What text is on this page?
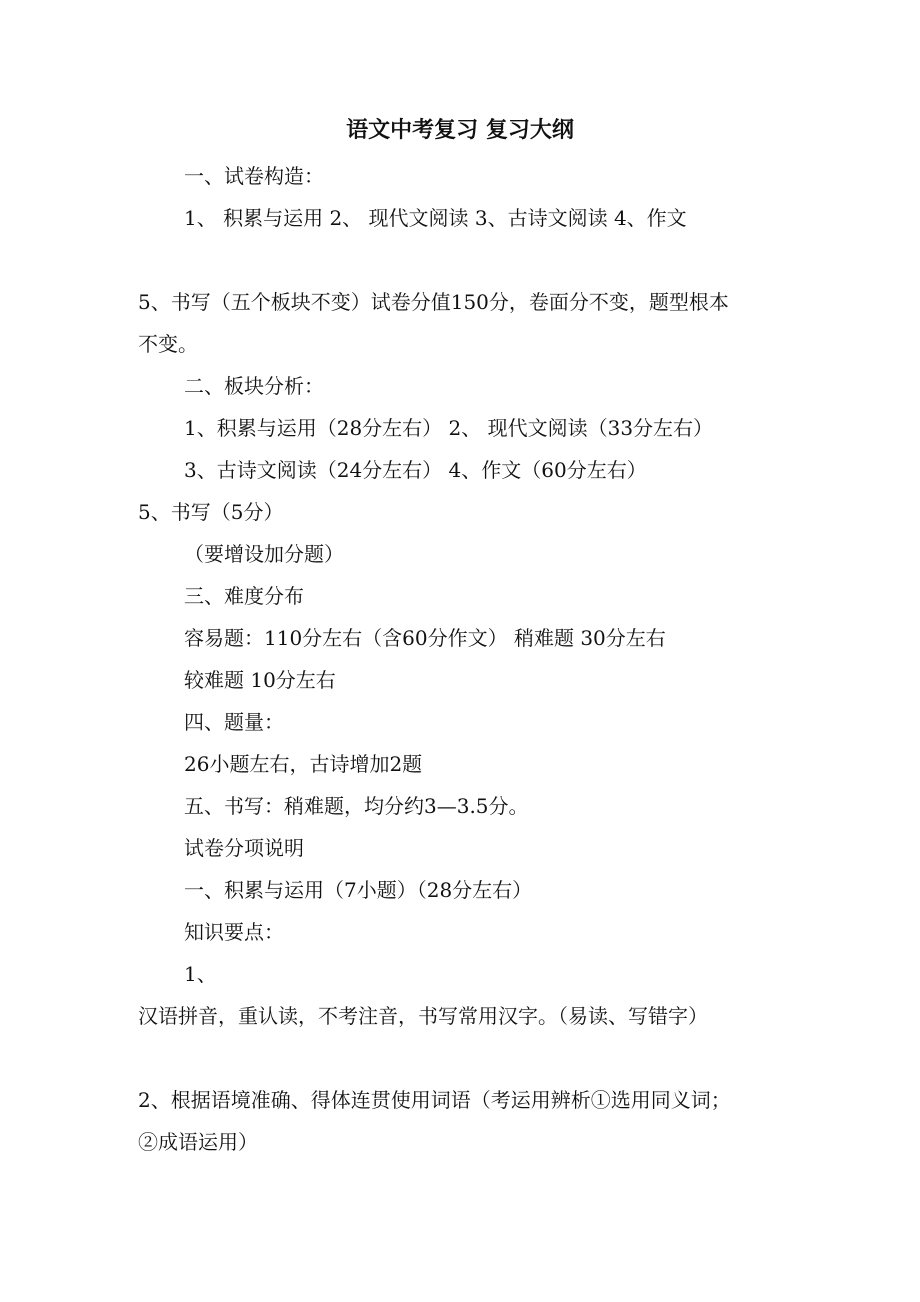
语文中考复习 复习大纲
一、试卷构造：
1、 积累与运用 2、 现代文阅读 3、古诗文阅读 4、作文
5、书写（五个板块不变）试卷分值150分，卷面分不变，题型根本
不变。
二、板块分析：
1、积累与运用（28分左右） 2、 现代文阅读（33分左右）
3、古诗文阅读（24分左右） 4、作文（60分左右）
5、书写（5分）
（要增设加分题）
三、难度分布
容易题：110分左右（含60分作文） 稍难题 30分左右
较难题 10分左右
四、题量：
26小题左右，古诗增加2题
五、书写：稍难题，均分约3—3.5分。
试卷分项说明
一、积累与运用（7小题）（28分左右）
知识要点：
1、
汉语拼音，重认读，不考注音，书写常用汉字。（易读、写错字）
2、根据语境准确、得体连贯使用词语（考运用辨析①选用同义词；
②成语运用）
